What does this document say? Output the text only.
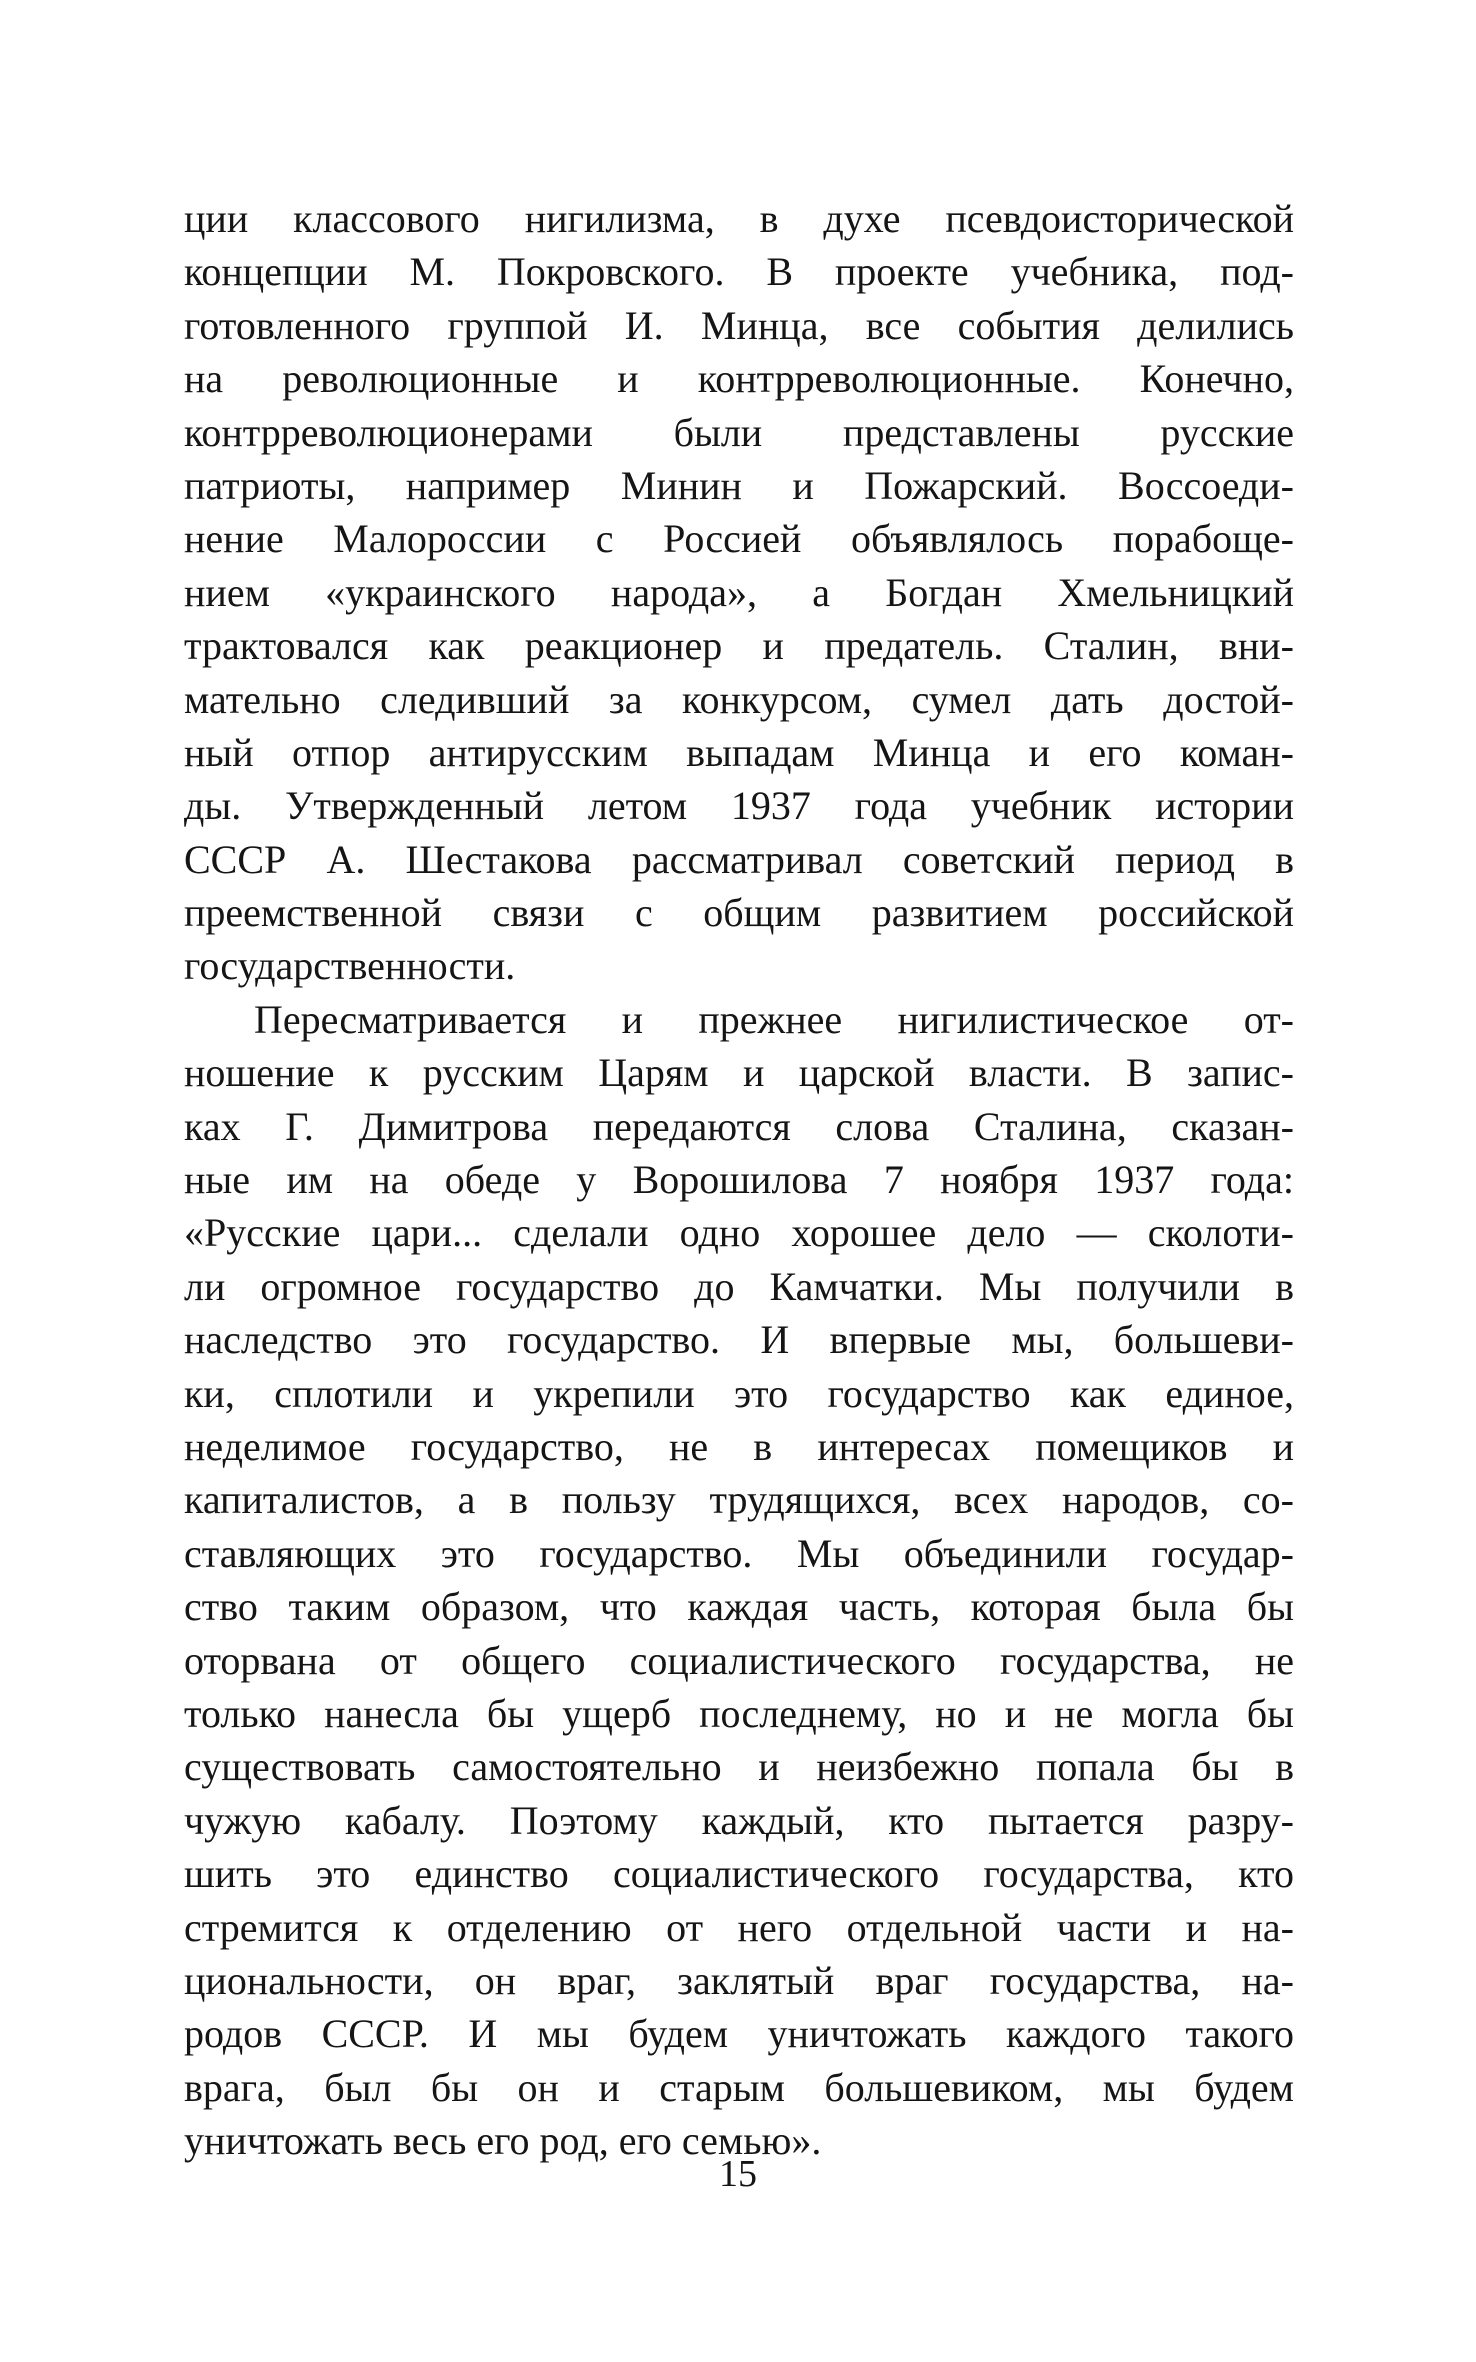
ции классового нигилизма, в духе псевдоисторической
концепции М. Покровского. В проекте учебника, под-
готовленного группой И. Минца, все события делились
на революционные и контрреволюционные. Конечно,
контрреволюционерами были представлены русские
патриоты, например Минин и Пожарский. Воссоеди-
нение Малороссии с Россией объявлялось порабоще-
нием «украинского народа», а Богдан Хмельницкий
трактовался как реакционер и предатель. Сталин, вни-
мательно следивший за конкурсом, сумел дать достой-
ный отпор антирусским выпадам Минца и его коман-
ды. Утвержденный летом 1937 года учебник истории
СССР А. Шестакова рассматривал советский период в
преемственной связи с общим развитием российской
государственности.
Пересматривается и прежнее нигилистическое от-
ношение к русским Царям и царской власти. В запис-
ках Г. Димитрова передаются слова Сталина, сказан-
ные им на обеде у Ворошилова 7 ноября 1937 года:
«Русские цари... сделали одно хорошее дело — сколоти-
ли огромное государство до Камчатки. Мы получили в
наследство это государство. И впервые мы, большеви-
ки, сплотили и укрепили это государство как единое,
неделимое государство, не в интересах помещиков и
капиталистов, а в пользу трудящихся, всех народов, со-
ставляющих это государство. Мы объединили государ-
ство таким образом, что каждая часть, которая была бы
оторвана от общего социалистического государства, не
только нанесла бы ущерб последнему, но и не могла бы
существовать самостоятельно и неизбежно попала бы в
чужую кабалу. Поэтому каждый, кто пытается разру-
шить это единство социалистического государства, кто
стремится к отделению от него отдельной части и на-
циональности, он враг, заклятый враг государства, на-
родов СССР. И мы будем уничтожать каждого такого
врага, был бы он и старым большевиком, мы будем
уничтожать весь его род, его семью».
15
